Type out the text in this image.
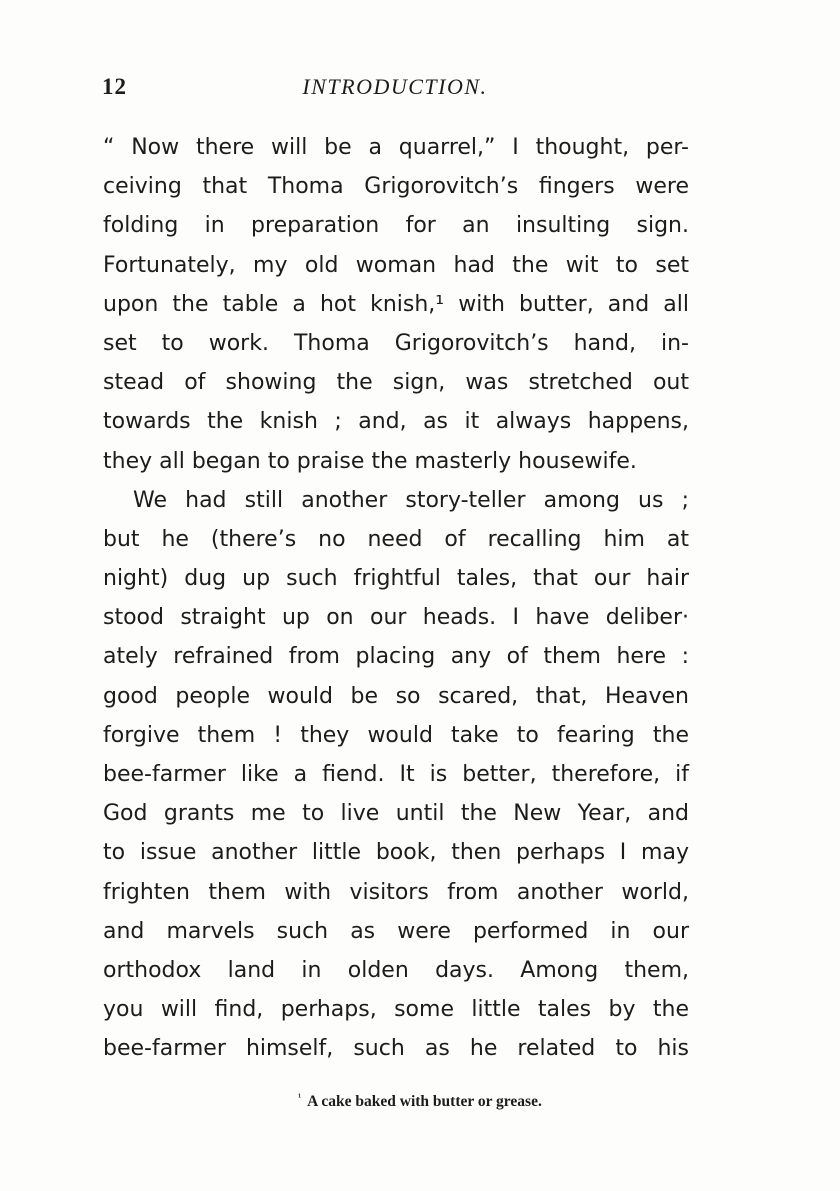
12	INTRODUCTION.
“ Now there will be a quarrel,” I thought, per-
ceiving that Thoma Grigorovitch’s fingers were
folding in preparation for an insulting sign.
Fortunately, my old woman had the wit to set
upon the table a hot knish,¹ with butter, and all
set to work. Thoma Grigorovitch’s hand, in-
stead of showing the sign, was stretched out
towards the knish ; and, as it always happens,
they all began to praise the masterly housewife.
We had still another story-teller among us ;
but he (there’s no need of recalling him at
night) dug up such frightful tales, that our hair
stood straight up on our heads. I have deliber·
ately refrained from placing any of them here :
good people would be so scared, that, Heaven
forgive them ! they would take to fearing the
bee-farmer like a fiend. It is better, therefore, if
God grants me to live until the New Year, and
to issue another little book, then perhaps I may
frighten them with visitors from another world,
and marvels such as were performed in our
orthodox land in olden days. Among them,
you will find, perhaps, some little tales by the
bee-farmer himself, such as he related to his
$^{^1}$ A cake baked with butter or grease.
